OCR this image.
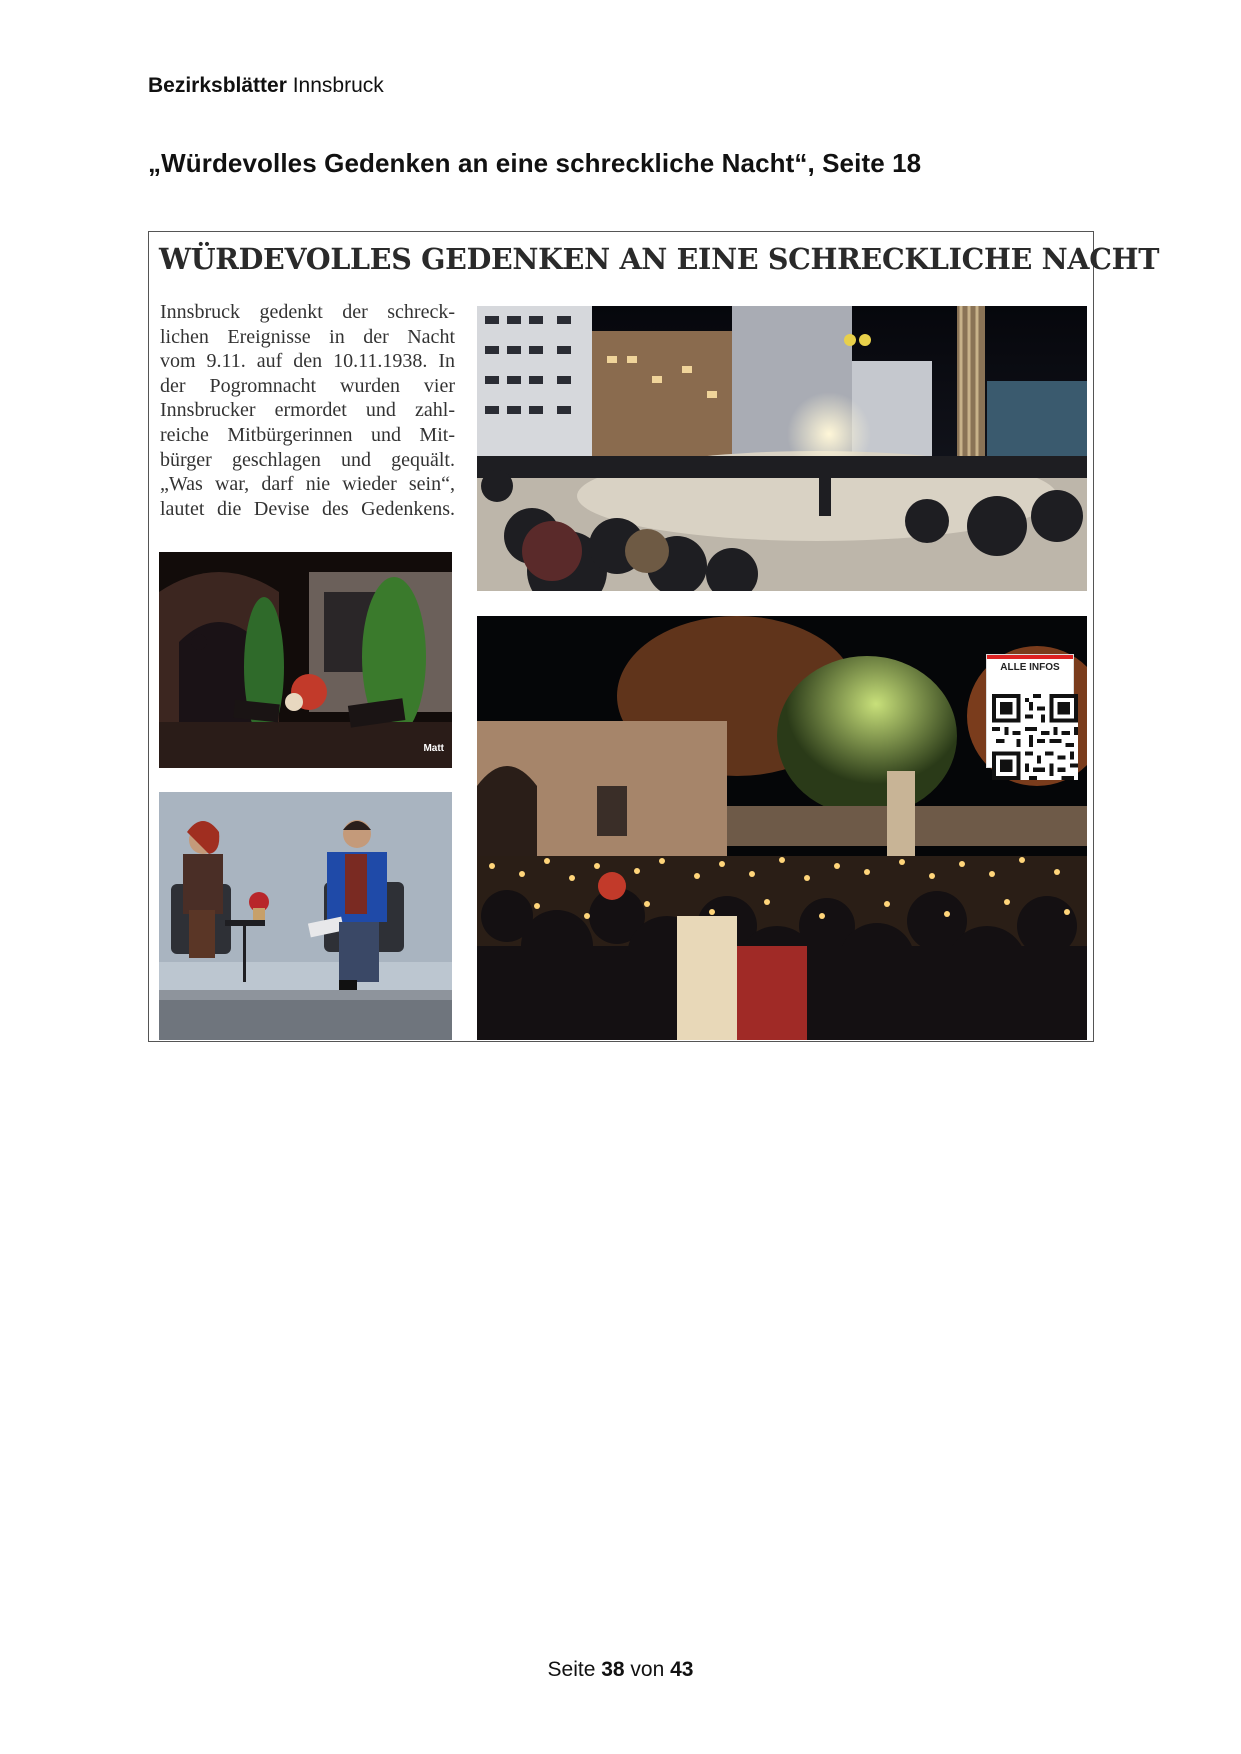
Bezirksblätter Innsbruck
„Würdevolles Gedenken an eine schreckliche Nacht“, Seite 18
WÜRDEVOLLES GEDENKEN AN EINE SCHRECKLICHE NACHT
Innsbruck gedenkt der schreck-
lichen Ereignisse in der Nacht
vom 9.11. auf den 10.11.1938. In
der Pogromnacht wurden vier
Innsbrucker ermordet und zahl-
reiche Mitbürgerinnen und Mit-
bürger geschlagen und gequält.
„Was war, darf nie wieder sein“,
lautet die Devise des Gedenkens.
Matt
ALLE INFOS
Seite 38 von 43
